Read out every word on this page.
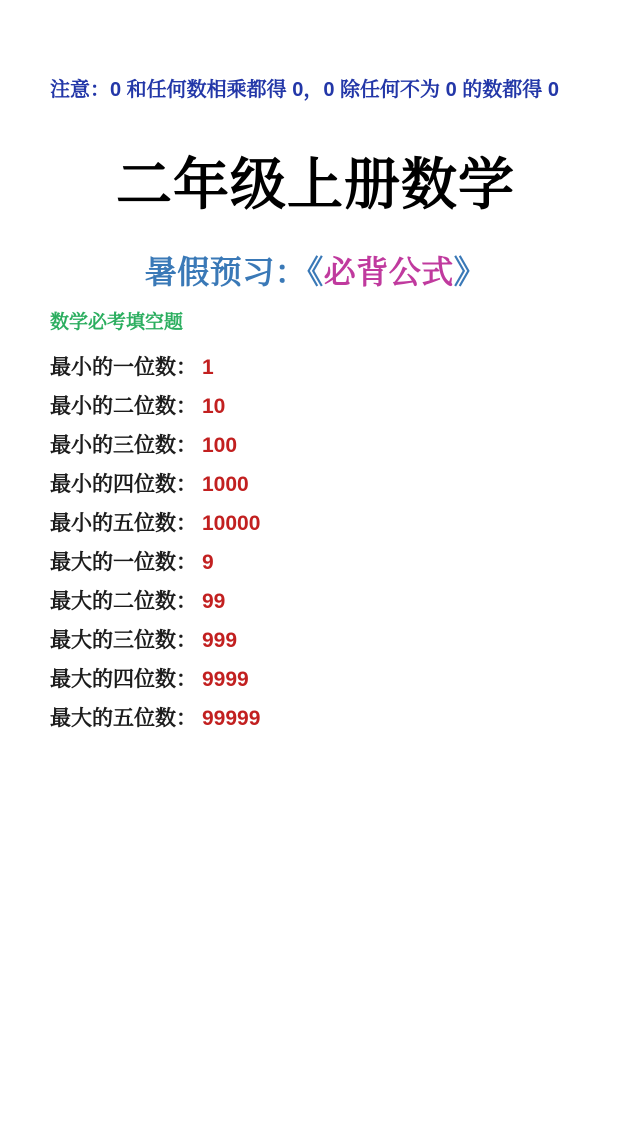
注意：0 和任何数相乘都得 0，0 除任何不为 0 的数都得 0
二年级上册数学
暑假预习：《必背公式》
数学必考填空题
最小的一位数： 1
最小的二位数： 10
最小的三位数： 100
最小的四位数： 1000
最小的五位数： 10000
最大的一位数： 9
最大的二位数： 99
最大的三位数： 999
最大的四位数： 9999
最大的五位数： 99999
